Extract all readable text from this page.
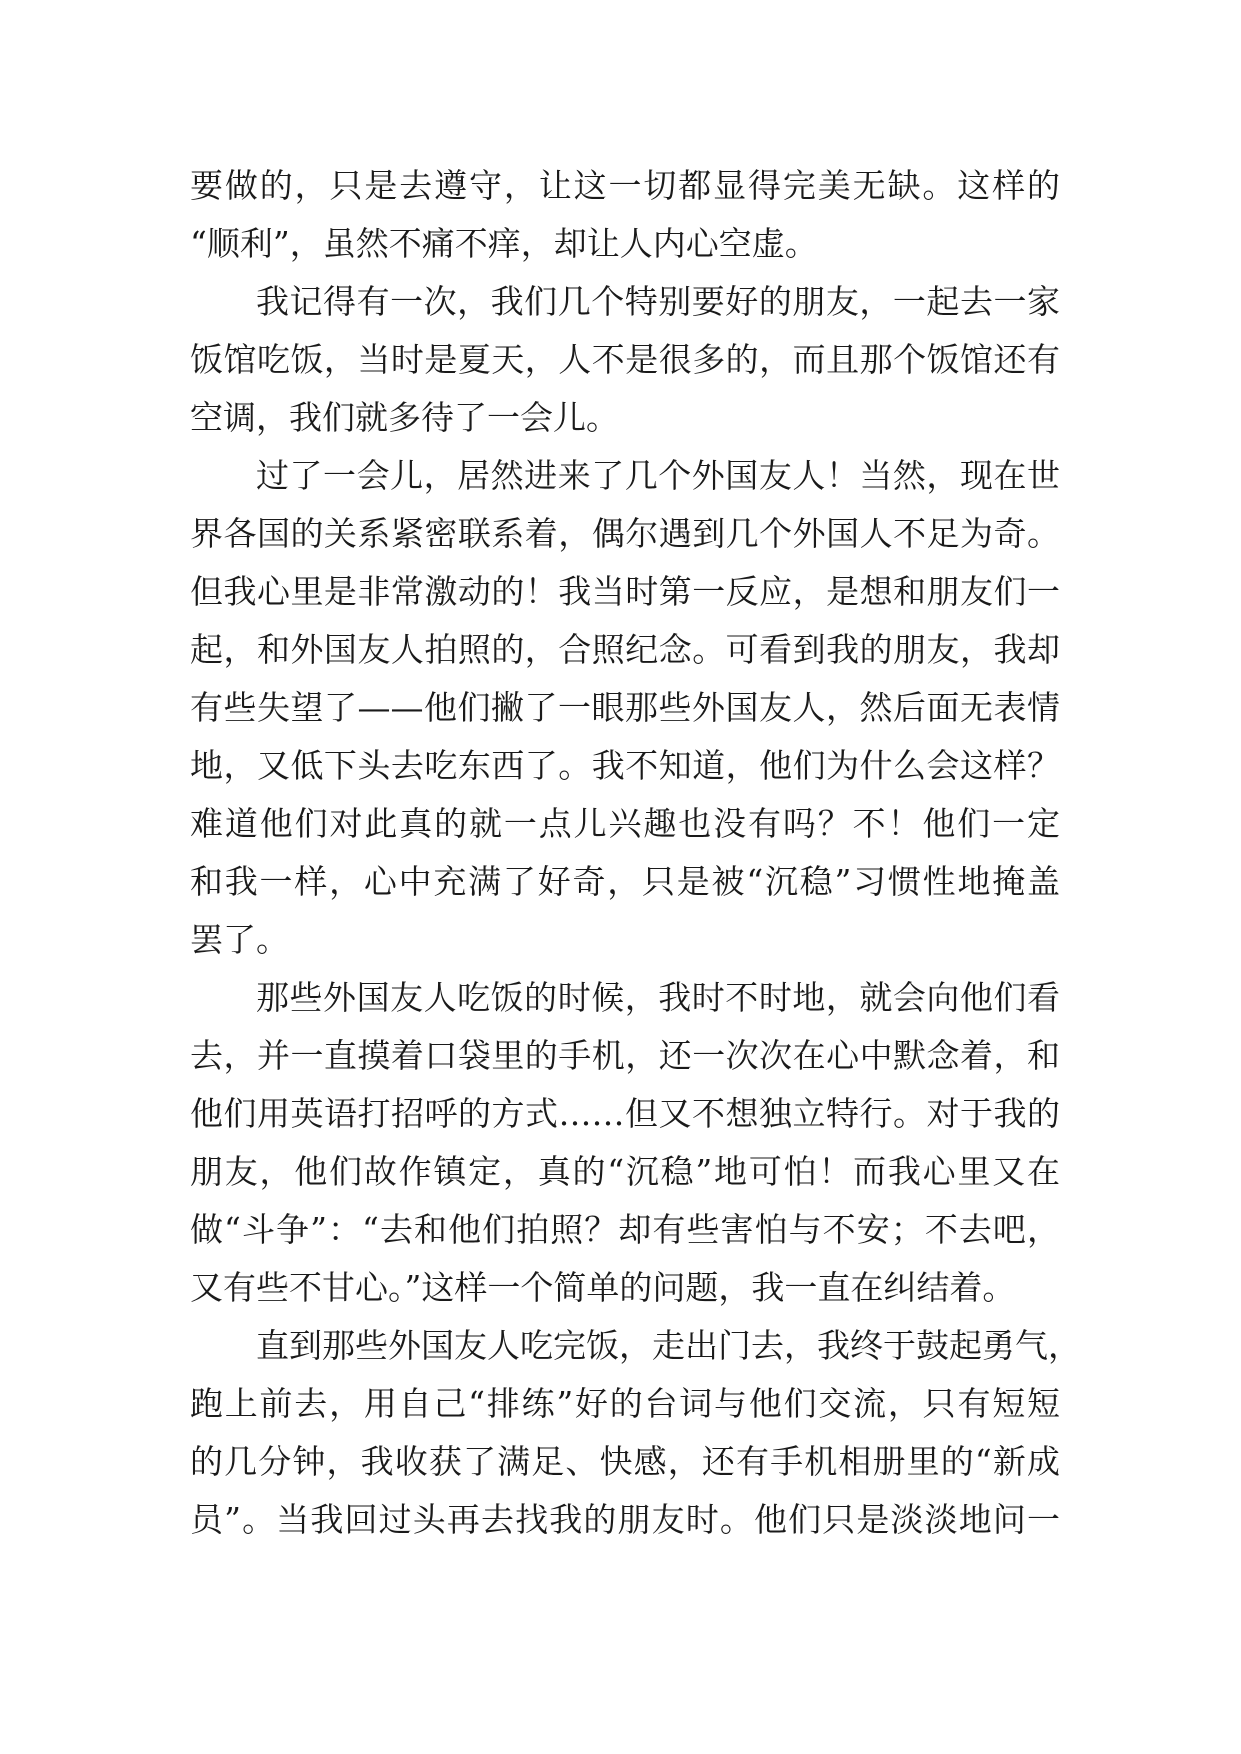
要做的，只是去遵守，让这一切都显得完美无缺。这样的
“顺利”，虽然不痛不痒，却让人内心空虚。
我记得有一次，我们几个特别要好的朋友，一起去一家
饭馆吃饭，当时是夏天，人不是很多的，而且那个饭馆还有
空调，我们就多待了一会儿。
过了一会儿，居然进来了几个外国友人！当然，现在世
界各国的关系紧密联系着，偶尔遇到几个外国人不足为奇。
但我心里是非常激动的！我当时第一反应，是想和朋友们一
起，和外国友人拍照的，合照纪念。可看到我的朋友，我却
有些失望了——他们撇了一眼那些外国友人，然后面无表情
地，又低下头去吃东西了。我不知道，他们为什么会这样？
难道他们对此真的就一点儿兴趣也没有吗？不！他们一定
和我一样，心中充满了好奇，只是被“沉稳”习惯性地掩盖
罢了。
那些外国友人吃饭的时候，我时不时地，就会向他们看
去，并一直摸着口袋里的手机，还一次次在心中默念着，和
他们用英语打招呼的方式……但又不想独立特行。对于我的
朋友，他们故作镇定，真的“沉稳”地可怕！而我心里又在
做“斗争”：“去和他们拍照？却有些害怕与不安；不去吧，
又有些不甘心。”这样一个简单的问题，我一直在纠结着。
直到那些外国友人吃完饭，走出门去，我终于鼓起勇气，
跑上前去，用自己“排练”好的台词与他们交流，只有短短
的几分钟，我收获了满足、快感，还有手机相册里的“新成
员”。当我回过头再去找我的朋友时。他们只是淡淡地问一
